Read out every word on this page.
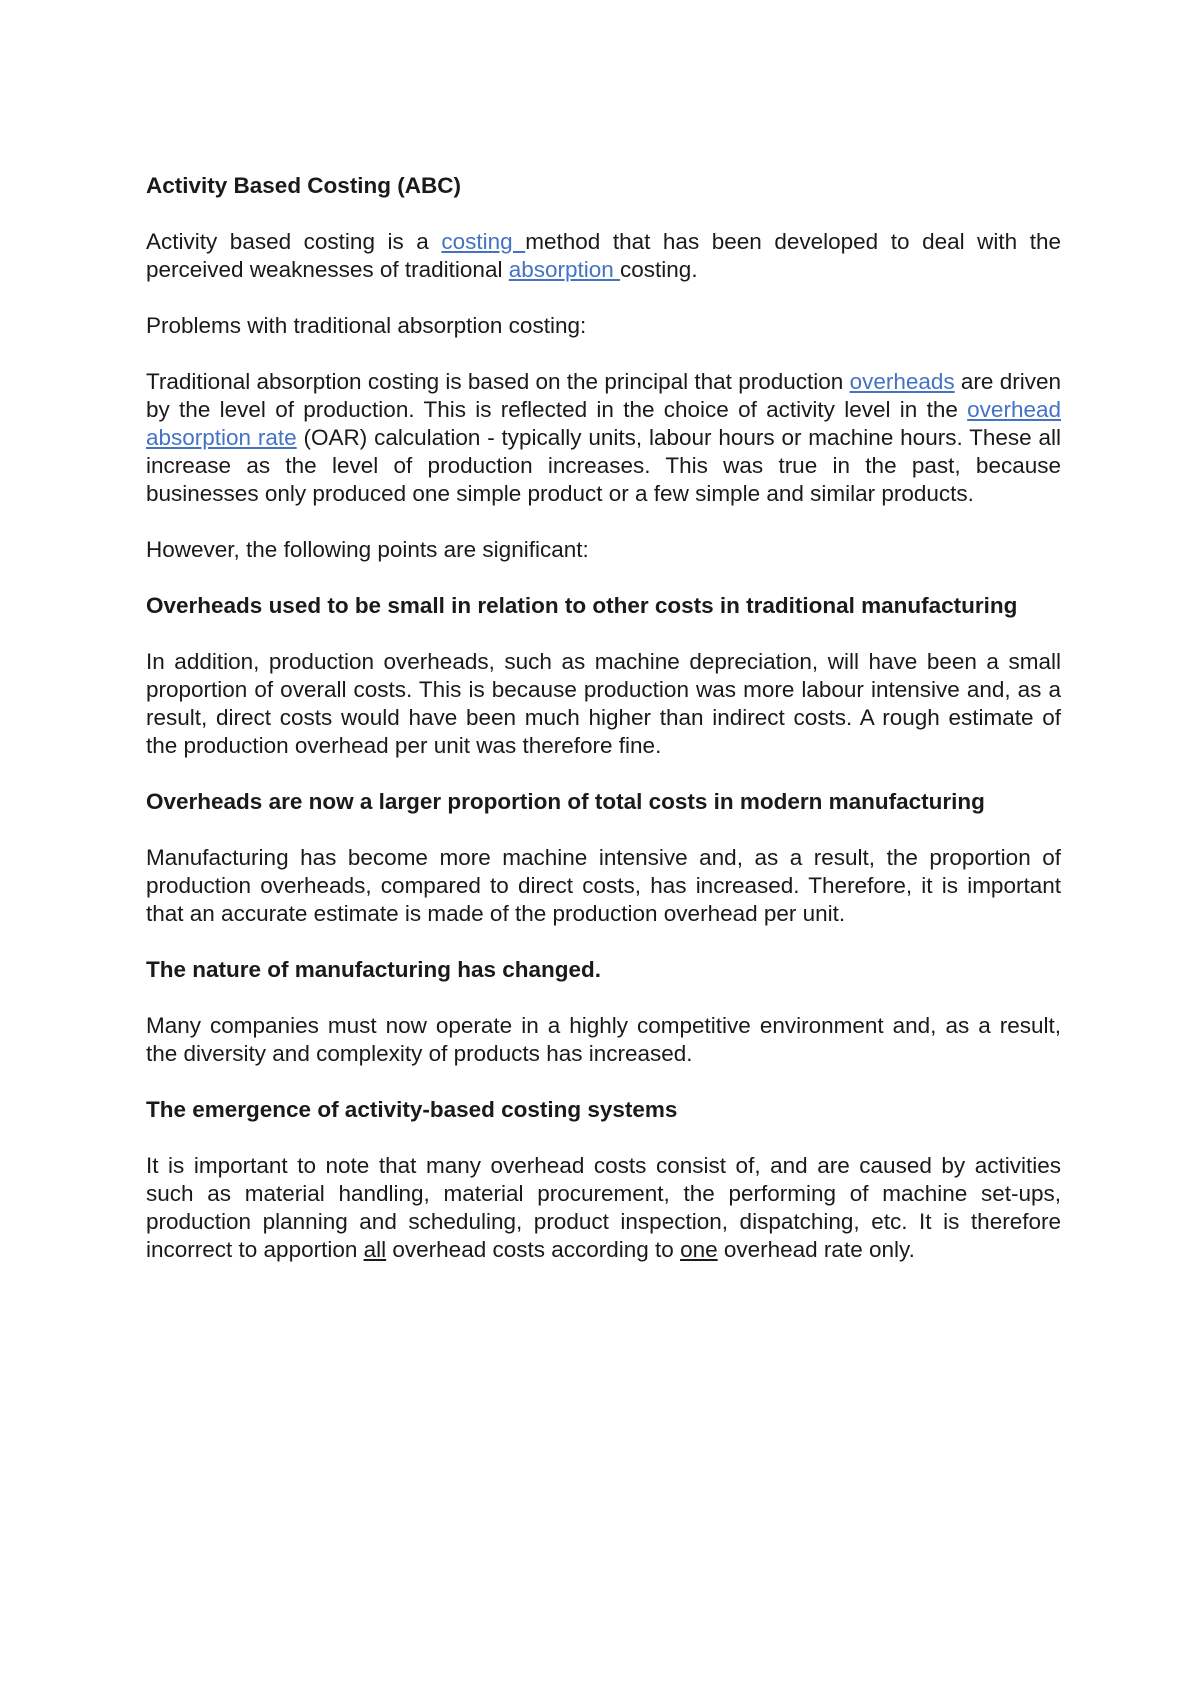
Activity Based Costing (ABC)

Activity based costing is a costing method that has been developed to deal with the perceived weaknesses of traditional absorption costing.

Problems with traditional absorption costing:

Traditional absorption costing is based on the principal that production overheads are driven by the level of production. This is reflected in the choice of activity level in the overhead absorption rate (OAR) calculation - typically units, labour hours or machine hours. These all increase as the level of production increases. This was true in the past, because businesses only produced one simple product or a few simple and similar products.

However, the following points are significant:

Overheads used to be small in relation to other costs in traditional manufacturing

In addition, production overheads, such as machine depreciation, will have been a small proportion of overall costs. This is because production was more labour intensive and, as a result, direct costs would have been much higher than indirect costs. A rough estimate of the production overhead per unit was therefore fine.

Overheads are now a larger proportion of total costs in modern manufacturing

Manufacturing has become more machine intensive and, as a result, the proportion of production overheads, compared to direct costs, has increased. Therefore, it is important that an accurate estimate is made of the production overhead per unit.

The nature of manufacturing has changed.

Many companies must now operate in a highly competitive environment and, as a result, the diversity and complexity of products has increased.

The emergence of activity-based costing systems

It is important to note that many overhead costs consist of, and are caused by activities such as material handling, material procurement, the performing of machine set-ups, production planning and scheduling, product inspection, dispatching, etc. It is therefore incorrect to apportion all overhead costs according to one overhead rate only.
